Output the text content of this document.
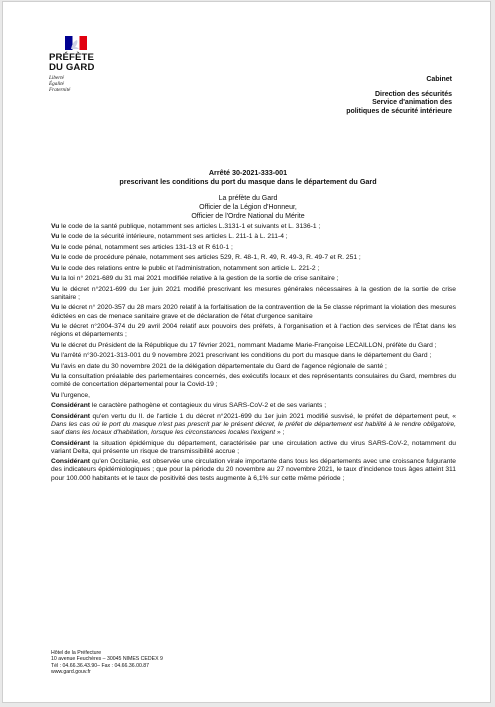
PRÉFÈTE
DU GARD
Liberté
Égalité
Fraternité
Cabinet
Direction des sécurités
Service d'animation des
politiques de sécurité intérieure
Arrêté 30-2021-333-001
prescrivant les conditions du port du masque dans le département du Gard
La préfète du Gard
Officier de la Légion d'Honneur,
Officier de l'Ordre National du Mérite

Vu le code de la santé publique, notamment ses articles L.3131-1 et suivants et L. 3136-1 ;

Vu le code de la sécurité intérieure, notamment ses articles L. 211-1 à L. 211-4 ;

Vu le code pénal, notamment ses articles 131-13 et R 610-1 ;

Vu le code de procédure pénale, notamment ses articles 529, R. 48-1, R. 49, R. 49-3, R. 49-7 et R. 251 ;

Vu le code des relations entre le public et l'administration, notamment son article L. 221-2 ;

Vu la loi n° 2021-689 du 31 mai 2021 modifiée relative à la gestion de la sortie de crise sanitaire ;

Vu le décret n°2021-699 du 1er juin 2021 modifié prescrivant les mesures générales nécessaires à la gestion de la sortie de crise sanitaire ;

Vu le décret n° 2020-357 du 28 mars 2020 relatif à la forfaitisation de la contravention de la 5e classe réprimant la violation des mesures édictées en cas de menace sanitaire grave et de déclaration de l'état d'urgence sanitaire

Vu le décret n°2004-374 du 29 avril 2004 relatif aux pouvoirs des préfets, à l'organisation et à l'action des services de l'État dans les régions et départements ;

Vu le décret du Président de la République du 17 février 2021, nommant Madame Marie-Françoise LECAILLON, préfète du Gard ;

Vu l'arrêté n°30-2021-313-001 du 9 novembre 2021 prescrivant les conditions du port du masque dans le département du Gard ;

Vu l'avis en date du 30 novembre 2021 de la délégation départementale du Gard de l'agence régionale de santé ;

Vu la consultation préalable des parlementaires concernés, des exécutifs locaux et des représentants consulaires du Gard, membres du comité de concertation départemental pour la Covid-19 ;

Vu l'urgence,

Considérant le caractère pathogène et contagieux du virus SARS-CoV-2 et de ses variants ;

Considérant qu'en vertu du II. de l'article 1 du décret n°2021-699 du 1er juin 2021 modifié susvisé, le préfet de département peut, « Dans les cas où le port du masque n'est pas prescrit par le présent décret, le préfet de département est habilité à le rendre obligatoire, sauf dans les locaux d'habitation, lorsque les circonstances locales l'exigent » ;

Considérant la situation épidémique du département, caractérisée par une circulation active du virus SARS-CoV-2, notamment du variant Delta, qui présente un risque de transmissibilité accrue ;

Considérant qu'en Occitanie, est observée une circulation virale importante dans tous les départements avec une croissance fulgurante des indicateurs épidémiologiques ; que pour la période du 20 novembre au 27 novembre 2021, le taux d'incidence tous âges atteint 311 pour 100.000 habitants et le taux de positivité des tests augmente à 6,1% sur cette même période ;

Hôtel de la Préfecture
10 avenue Feuchères – 30045 NIMES CEDEX 9
Tél : 04.66.36.43.90– Fax : 04.66.36.00.87
www.gard.gouv.fr
